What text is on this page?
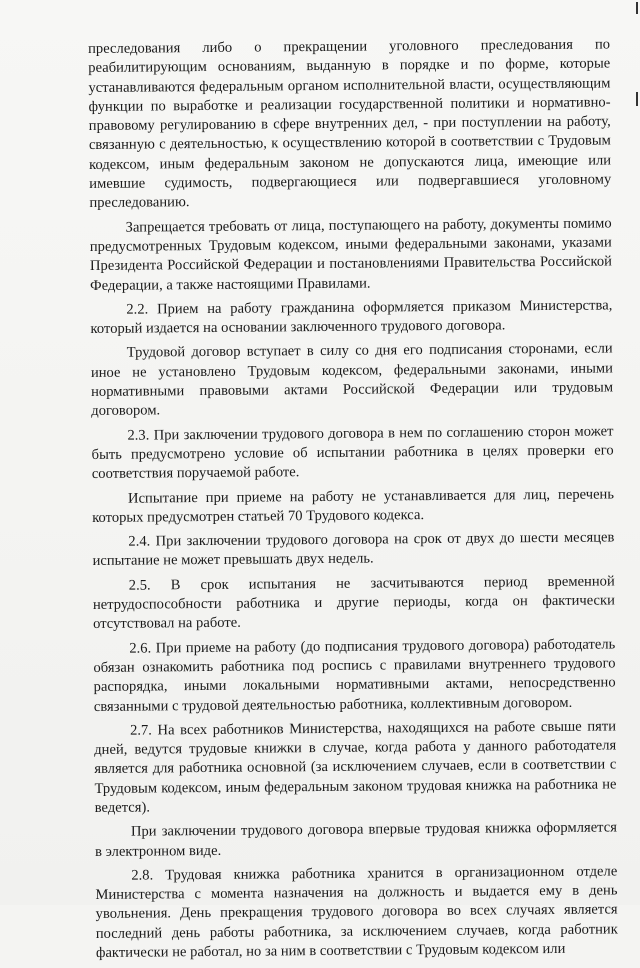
преследования либо о прекращении уголовного преследования по реабилитирующим основаниям, выданную в порядке и по форме, которые устанавливаются федеральным органом исполнительной власти, осуществляющим функции по выработке и реализации государственной политики и нормативно-правовому регулированию в сфере внутренних дел, - при поступлении на работу, связанную с деятельностью, к осуществлению которой в соответствии с Трудовым кодексом, иным федеральным законом не допускаются лица, имеющие или имевшие судимость, подвергающиеся или подвергавшиеся уголовному преследованию.

Запрещается требовать от лица, поступающего на работу, документы помимо предусмотренных Трудовым кодексом, иными федеральными законами, указами Президента Российской Федерации и постановлениями Правительства Российской Федерации, а также настоящими Правилами.

2.2. Прием на работу гражданина оформляется приказом Министерства, который издается на основании заключенного трудового договора.

Трудовой договор вступает в силу со дня его подписания сторонами, если иное не установлено Трудовым кодексом, федеральными законами, иными нормативными правовыми актами Российской Федерации или трудовым договором.

2.3. При заключении трудового договора в нем по соглашению сторон может быть предусмотрено условие об испытании работника в целях проверки его соответствия поручаемой работе.

Испытание при приеме на работу не устанавливается для лиц, перечень которых предусмотрен статьей 70 Трудового кодекса.

2.4. При заключении трудового договора на срок от двух до шести месяцев испытание не может превышать двух недель.

2.5. В срок испытания не засчитываются период временной нетрудоспособности работника и другие периоды, когда он фактически отсутствовал на работе.

2.6. При приеме на работу (до подписания трудового договора) работодатель обязан ознакомить работника под роспись с правилами внутреннего трудового распорядка, иными локальными нормативными актами, непосредственно связанными с трудовой деятельностью работника, коллективным договором.

2.7. На всех работников Министерства, находящихся на работе свыше пяти дней, ведутся трудовые книжки в случае, когда работа у данного работодателя является для работника основной (за исключением случаев, если в соответствии с Трудовым кодексом, иным федеральным законом трудовая книжка на работника не ведется).

При заключении трудового договора впервые трудовая книжка оформляется в электронном виде.

2.8. Трудовая книжка работника хранится в организационном отделе Министерства с момента назначения на должность и выдается ему в день увольнения. День прекращения трудового договора во всех случаях является последний день работы работника, за исключением случаев, когда работник фактически не работал, но за ним в соответствии с Трудовым кодексом или
